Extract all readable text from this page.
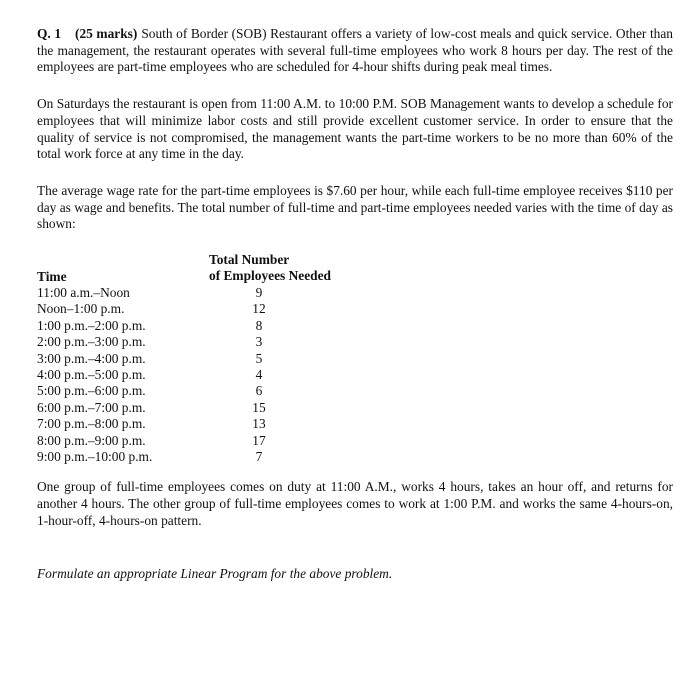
Q. 1 (25 marks) South of Border (SOB) Restaurant offers a variety of low-cost meals and quick service. Other than the management, the restaurant operates with several full-time employees who work 8 hours per day. The rest of the employees are part-time employees who are scheduled for 4-hour shifts during peak meal times.

On Saturdays the restaurant is open from 11:00 A.M. to 10:00 P.M. SOB Management wants to develop a schedule for employees that will minimize labor costs and still provide excellent customer service. In order to ensure that the quality of service is not compromised, the management wants the part-time workers to be no more than 60% of the total work force at any time in the day.

The average wage rate for the part-time employees is $7.60 per hour, while each full-time employee receives $110 per day as wage and benefits. The total number of full-time and part-time employees needed varies with the time of day as shown:

Time
Total Number
of Employees Needed
11:00 a.m.–Noon	9
Noon–1:00 p.m.	12
1:00 p.m.–2:00 p.m.	8
2:00 p.m.–3:00 p.m.	3
3:00 p.m.–4:00 p.m.	5
4:00 p.m.–5:00 p.m.	4
5:00 p.m.–6:00 p.m.	6
6:00 p.m.–7:00 p.m.	15
7:00 p.m.–8:00 p.m.	13
8:00 p.m.–9:00 p.m.	17
9:00 p.m.–10:00 p.m.	7

One group of full-time employees comes on duty at 11:00 A.M., works 4 hours, takes an hour off, and returns for another 4 hours. The other group of full-time employees comes to work at 1:00 P.M. and works the same 4-hours-on, 1-hour-off, 4-hours-on pattern.

Formulate an appropriate Linear Program for the above problem.
